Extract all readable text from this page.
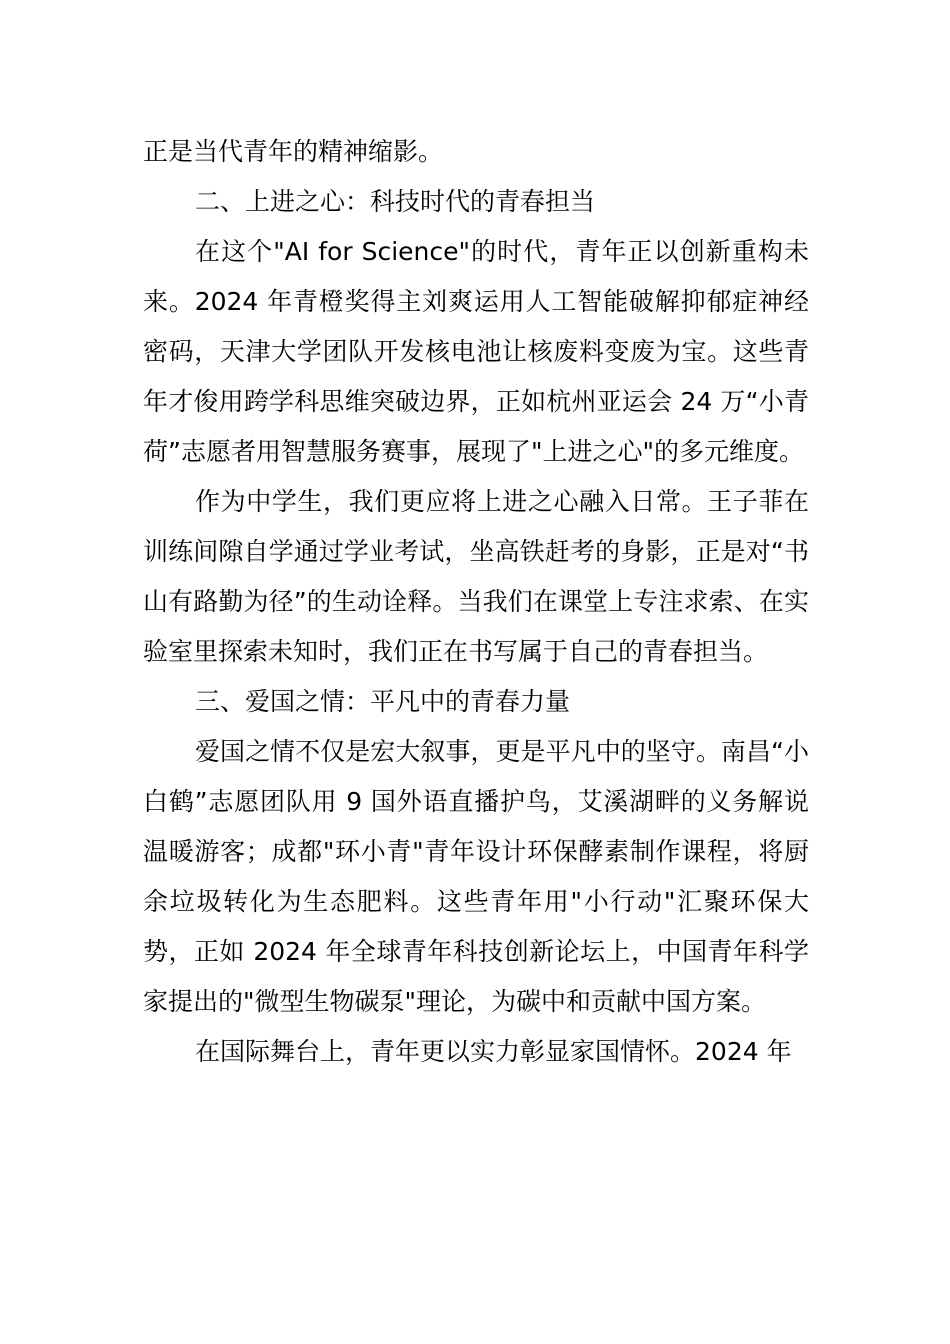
正是当代青年的精神缩影。

二、上进之心：科技时代的青春担当

在这个"AI for Science"的时代，青年正以创新重构未来。2024 年青橙奖得主刘爽运用人工智能破解抑郁症神经密码，天津大学团队开发核电池让核废料变废为宝。这些青年才俊用跨学科思维突破边界，正如杭州亚运会 24 万“小青荷”志愿者用智慧服务赛事，展现了"上进之心"的多元维度。

作为中学生，我们更应将上进之心融入日常。王子菲在训练间隙自学通过学业考试，坐高铁赶考的身影，正是对“书山有路勤为径”的生动诠释。当我们在课堂上专注求索、在实验室里探索未知时，我们正在书写属于自己的青春担当。

三、爱国之情：平凡中的青春力量

爱国之情不仅是宏大叙事，更是平凡中的坚守。南昌“小白鹤”志愿团队用 9 国外语直播护鸟，艾溪湖畔的义务解说温暖游客；成都"环小青"青年设计环保酵素制作课程，将厨余垃圾转化为生态肥料。这些青年用"小行动"汇聚环保大势，正如 2024 年全球青年科技创新论坛上，中国青年科学家提出的"微型生物碳泵"理论，为碳中和贡献中国方案。

在国际舞台上，青年更以实力彰显家国情怀。2024 年
